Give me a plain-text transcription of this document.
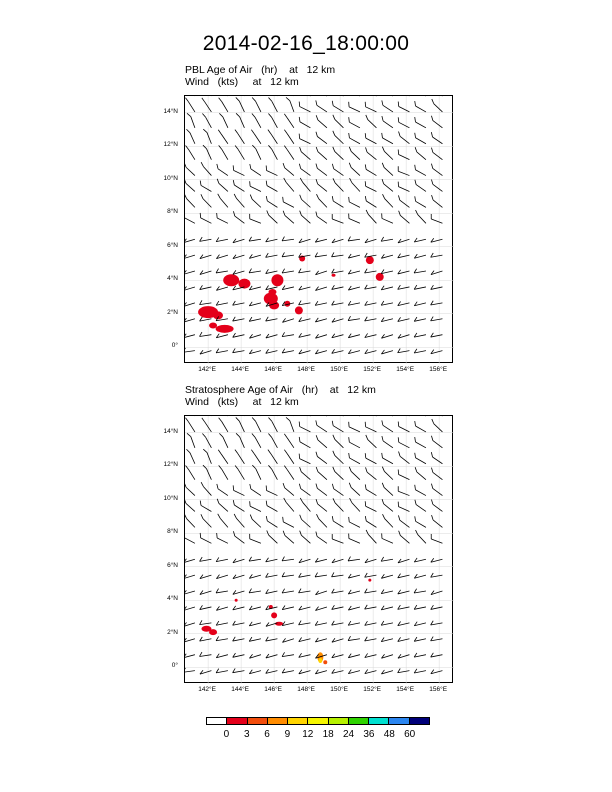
2014-02-16_18:00:00
PBL Age of Air   (hr)    at   12 km
Wind   (kts)     at   12 km
Stratosphere Age of Air   (hr)    at   12 km
Wind   (kts)     at   12 km
14°N
12°N
10°N
8°N
6°N
4°N
2°N
0°
142°E	144°E	146°E	148°E	150°E	152°E	154°E	156°E
14°N
12°N
10°N
8°N
6°N
4°N
2°N
0°
142°E	144°E	146°E	148°E	150°E	152°E	154°E	156°E
0	3	6	9	12 18 24 36 48 60
